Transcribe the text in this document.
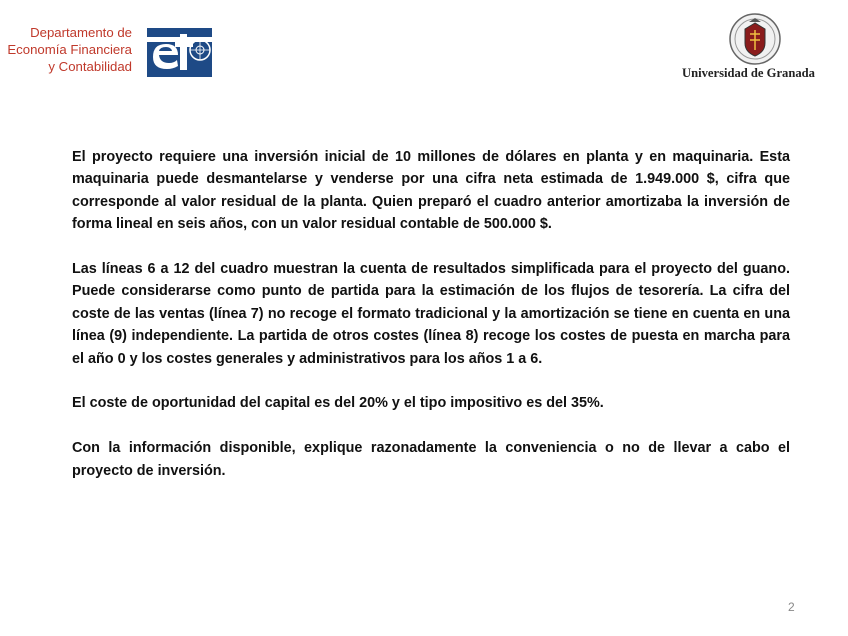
Departamento de
Economía Financiera
y Contabilidad	Universidad de Granada

El proyecto requiere una inversión inicial de 10 millones de dólares en planta y en maquinaria. Esta maquinaria puede desmantelarse y venderse por una cifra neta estimada de 1.949.000 $, cifra que corresponde al valor residual de la planta. Quien preparó el cuadro anterior amortizaba la inversión de forma lineal en seis años, con un valor residual contable de 500.000 $.

Las líneas 6 a 12 del cuadro muestran la cuenta de resultados simplificada para el proyecto del guano. Puede considerarse como punto de partida para la estimación de los flujos de tesorería. La cifra del coste de las ventas (línea 7) no recoge el formato tradicional y la amortización se tiene en cuenta en una línea (9) independiente. La partida de otros costes (línea 8) recoge los costes de puesta en marcha para el año 0 y los costes generales y administrativos para los años 1 a 6.

El coste de oportunidad del capital es del 20% y el tipo impositivo es del 35%.

Con la información disponible, explique razonadamente la conveniencia o no de llevar a cabo el proyecto de inversión.

2
